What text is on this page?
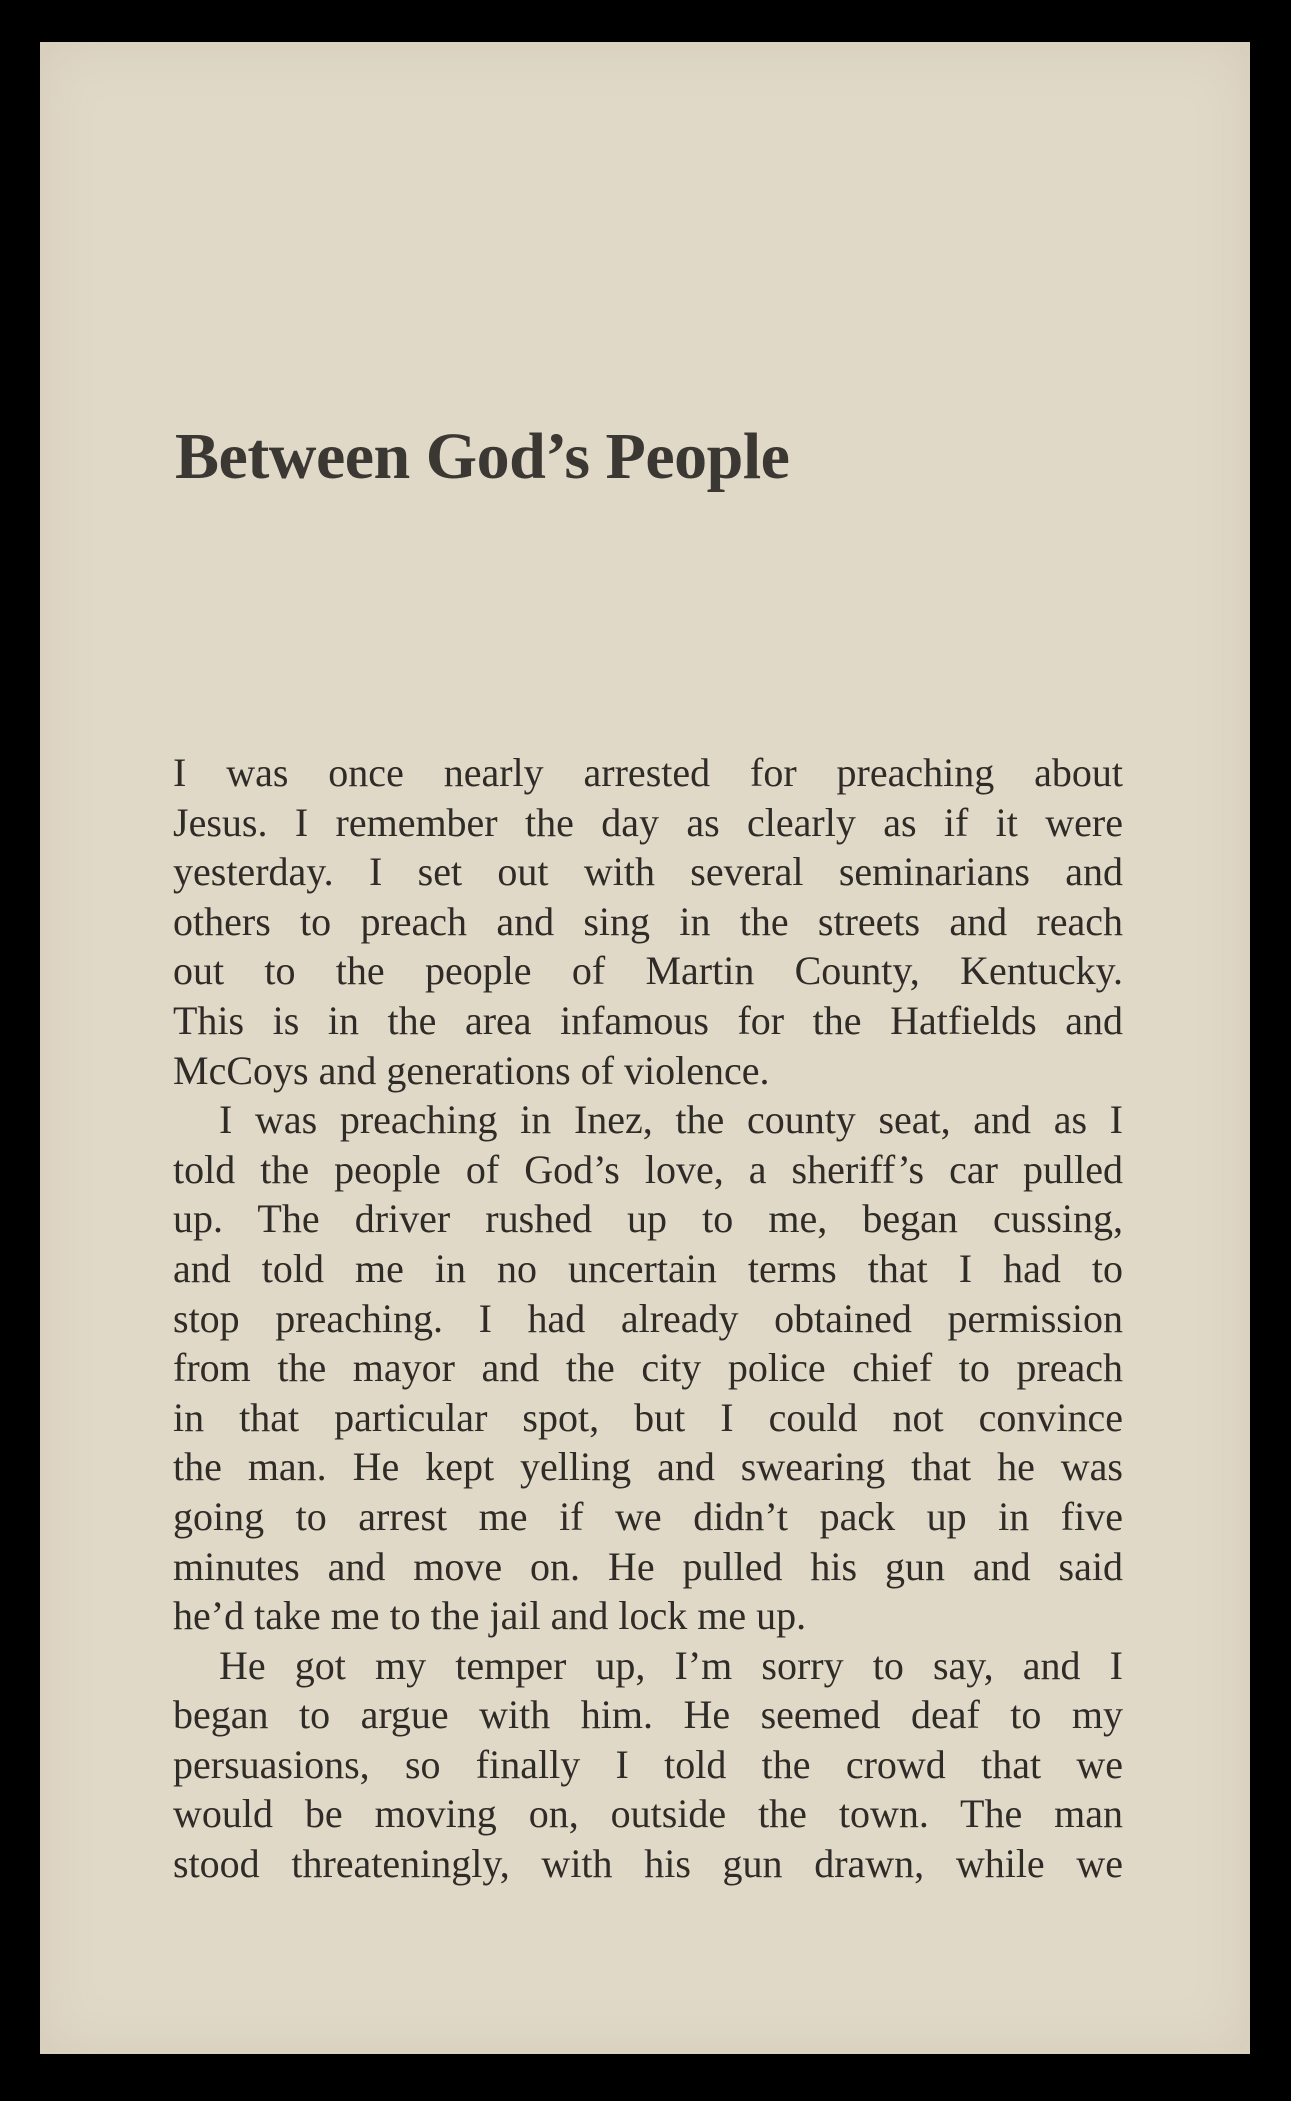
Between God’s People
I was once nearly arrested for preaching about
Jesus. I remember the day as clearly as if it were
yesterday. I set out with several seminarians and
others to preach and sing in the streets and reach
out to the people of Martin County, Kentucky.
This is in the area infamous for the Hatfields and
McCoys and generations of violence.
I was preaching in Inez, the county seat, and as I
told the people of God’s love, a sheriff’s car pulled
up. The driver rushed up to me, began cussing,
and told me in no uncertain terms that I had to
stop preaching. I had already obtained permission
from the mayor and the city police chief to preach
in that particular spot, but I could not convince
the man. He kept yelling and swearing that he was
going to arrest me if we didn’t pack up in five
minutes and move on. He pulled his gun and said
he’d take me to the jail and lock me up.
He got my temper up, I’m sorry to say, and I
began to argue with him. He seemed deaf to my
persuasions, so finally I told the crowd that we
would be moving on, outside the town. The man
stood threateningly, with his gun drawn, while we
